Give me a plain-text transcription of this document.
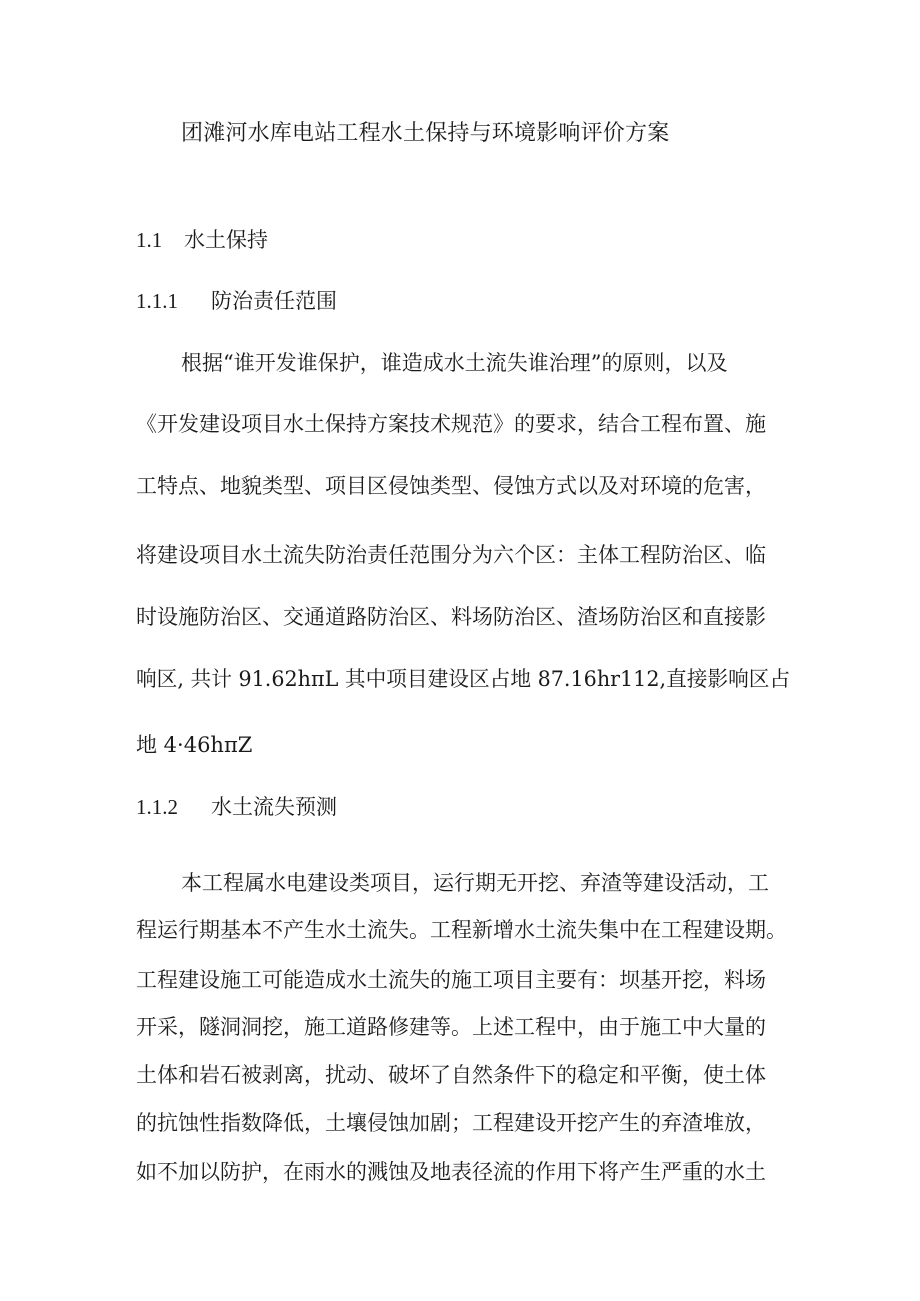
团滩河水库电站工程水土保持与环境影响评价方案
1.1 水土保持
1.1.1 防治责任范围
根据“谁开发谁保护，谁造成水土流失谁治理”的原则，以及
《开发建设项目水土保持方案技术规范》的要求，结合工程布置、施
工特点、地貌类型、项目区侵蚀类型、侵蚀方式以及对环境的危害，
将建设项目水土流失防治责任范围分为六个区：主体工程防治区、临
时设施防治区、交通道路防治区、料场防治区、渣场防治区和直接影
响区, 共计 91.62hπL 其中项目建设区占地 87.16hr112,直接影响区占
地 4·46hπZ
1.1.2 水土流失预测
本工程属水电建设类项目，运行期无开挖、弃渣等建设活动，工
程运行期基本不产生水土流失。工程新增水土流失集中在工程建设期。
工程建设施工可能造成水土流失的施工项目主要有：坝基开挖，料场
开采，隧洞洞挖，施工道路修建等。上述工程中，由于施工中大量的
土体和岩石被剥离，扰动、破坏了自然条件下的稳定和平衡，使土体
的抗蚀性指数降低，土壤侵蚀加剧；工程建设开挖产生的弃渣堆放，
如不加以防护，在雨水的溅蚀及地表径流的作用下将产生严重的水土
